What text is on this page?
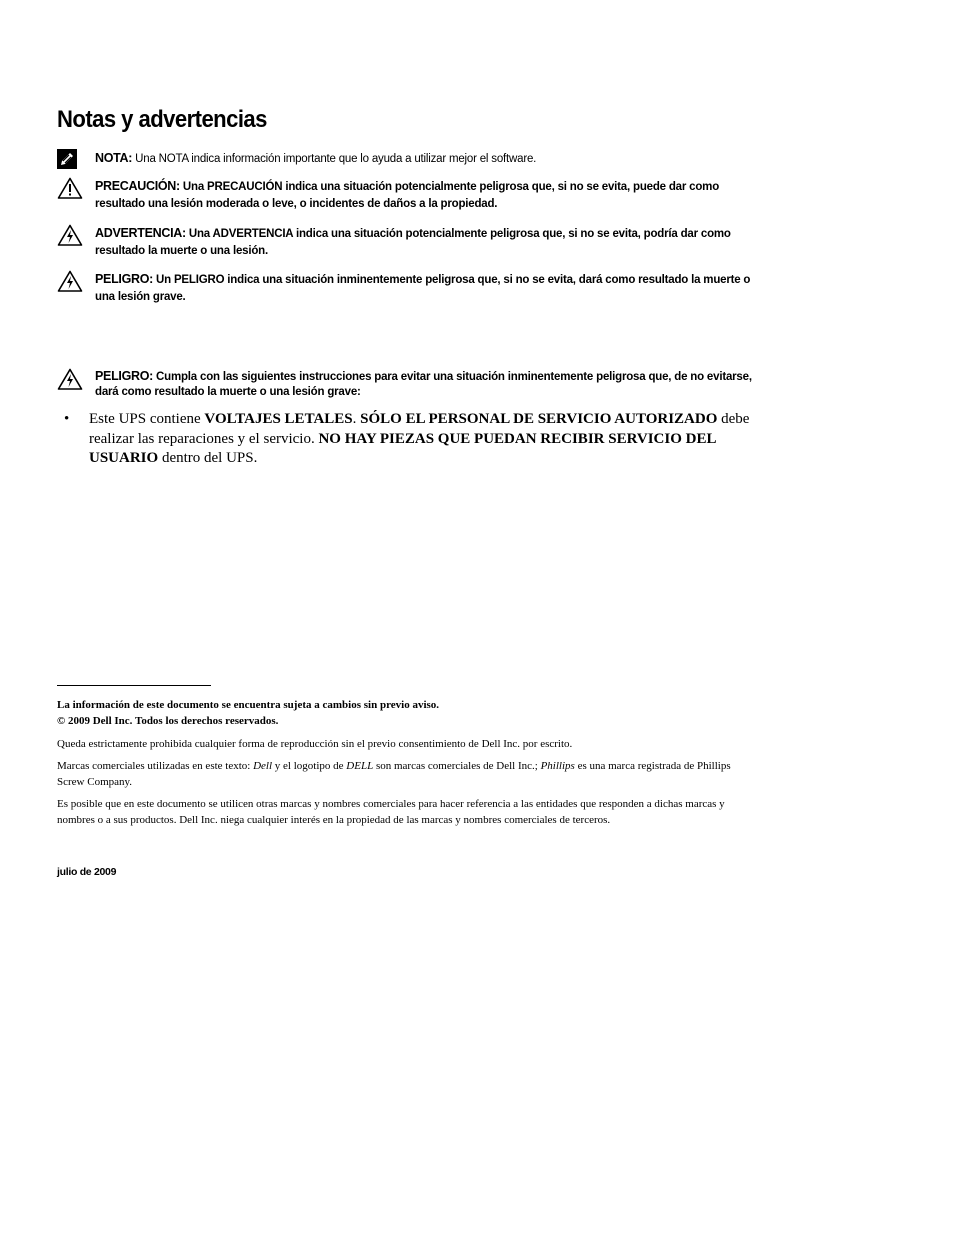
Notas y advertencias
NOTA: Una NOTA indica información importante que lo ayuda a utilizar mejor el software.
PRECAUCIÓN: Una PRECAUCIÓN indica una situación potencialmente peligrosa que, si no se evita, puede dar como resultado una lesión moderada o leve, o incidentes de daños a la propiedad.
ADVERTENCIA: Una ADVERTENCIA indica una situación potencialmente peligrosa que, si no se evita, podría dar como resultado la muerte o una lesión.
PELIGRO: Un PELIGRO indica una situación inminentemente peligrosa que, si no se evita, dará como resultado la muerte o una lesión grave.
PELIGRO: Cumpla con las siguientes instrucciones para evitar una situación inminentemente peligrosa que, de no evitarse, dará como resultado la muerte o una lesión grave:
• Este UPS contiene VOLTAJES LETALES. SÓLO EL PERSONAL DE SERVICIO AUTORIZADO debe realizar las reparaciones y el servicio. NO HAY PIEZAS QUE PUEDAN RECIBIR SERVICIO DEL USUARIO dentro del UPS.

La información de este documento se encuentra sujeta a cambios sin previo aviso.

© 2009 Dell Inc. Todos los derechos reservados.

Queda estrictamente prohibida cualquier forma de reproducción sin el previo consentimiento de Dell Inc. por escrito.

Marcas comerciales utilizadas en este texto: Dell y el logotipo de DELL son marcas comerciales de Dell Inc.; Phillips es una marca registrada de Phillips Screw Company.

Es posible que en este documento se utilicen otras marcas y nombres comerciales para hacer referencia a las entidades que responden a dichas marcas y nombres o a sus productos. Dell Inc. niega cualquier interés en la propiedad de las marcas y nombres comerciales de terceros.

julio de 2009
